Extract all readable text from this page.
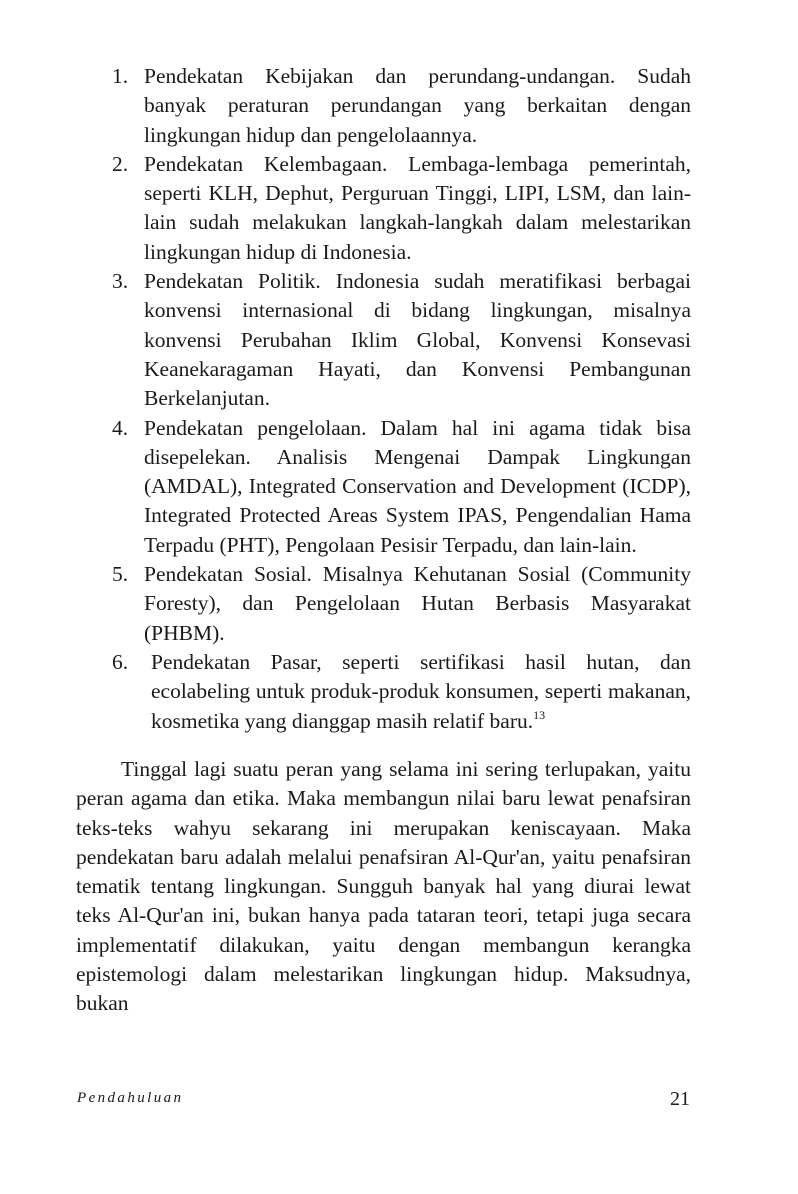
1. Pendekatan Kebijakan dan perundang-undangan. Sudah banyak peraturan perundangan yang berkaitan dengan lingkungan hidup dan pengelolaannya.
2. Pendekatan Kelembagaan. Lembaga-lembaga pemerintah, seperti KLH, Dephut, Perguruan Tinggi, LIPI, LSM, dan lain-lain sudah melakukan langkah-langkah dalam melestarikan lingkungan hidup di Indonesia.
3. Pendekatan Politik. Indonesia sudah meratifikasi berbagai konvensi internasional di bidang lingkungan, misalnya konvensi Perubahan Iklim Global, Konvensi Konsevasi Keanekaragaman Hayati, dan Konvensi Pembangunan Berkelanjutan.
4. Pendekatan pengelolaan. Dalam hal ini agama tidak bisa disepelekan. Analisis Mengenai Dampak Lingkungan (AMDAL), Integrated Conservation and Development (ICDP), Integrated Protected Areas System IPAS, Pengendalian Hama Terpadu (PHT), Pengolaan Pesisir Terpadu, dan lain-lain.
5. Pendekatan Sosial. Misalnya Kehutanan Sosial (Community Foresty), dan Pengelolaan Hutan Berbasis Masyarakat (PHBM).
6. Pendekatan Pasar, seperti sertifikasi hasil hutan, dan ecolabeling untuk produk-produk konsumen, seperti makanan, kosmetika yang dianggap masih relatif baru.$^{13}$

Tinggal lagi suatu peran yang selama ini sering terlupakan, yaitu peran agama dan etika. Maka membangun nilai baru lewat penafsiran teks-teks wahyu sekarang ini merupakan keniscayaan. Maka pendekatan baru adalah melalui penafsiran Al-Qur'an, yaitu penafsiran tematik tentang lingkungan. Sungguh banyak hal yang diurai lewat teks Al-Qur'an ini, bukan hanya pada tataran teori, tetapi juga secara implementatif dilakukan, yaitu dengan membangun kerangka epistemologi dalam melestarikan lingkungan hidup. Maksudnya, bukan

Pendahuluan	21
